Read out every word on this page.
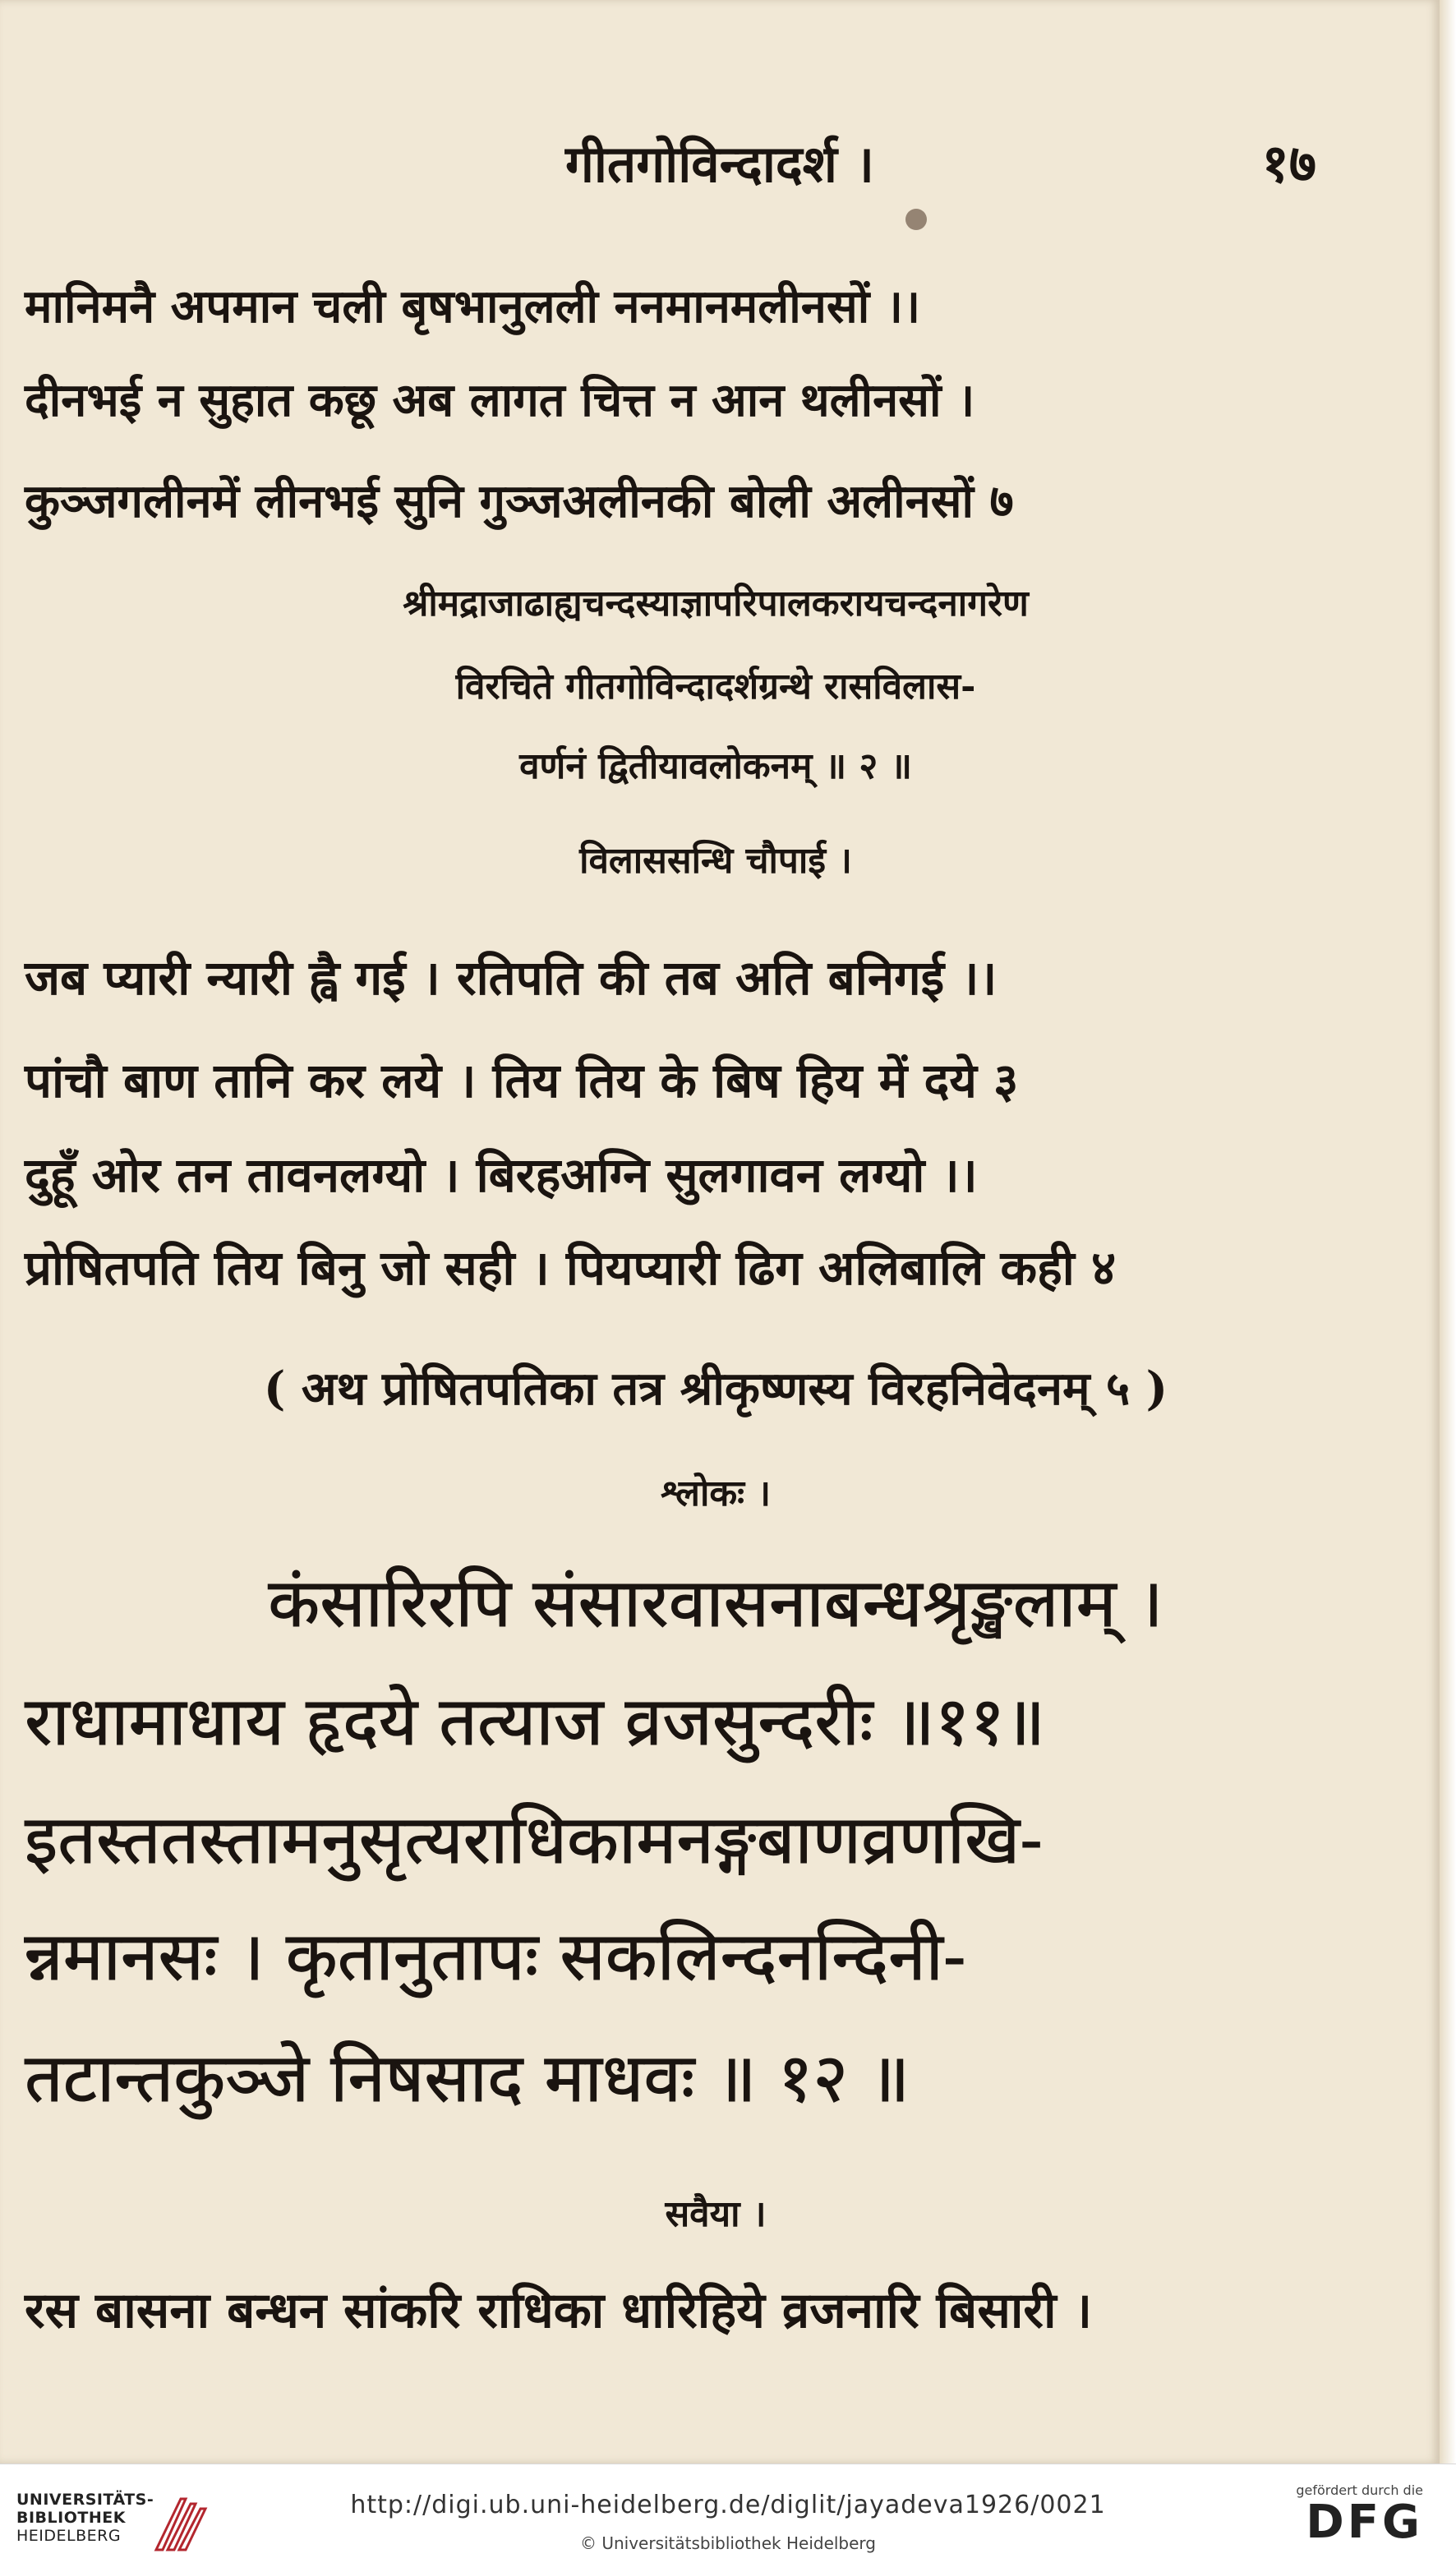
गीतगोविन्दादर्श ।	१७
मानिमनै अपमान चली बृषभानुलली ननमानमलीनसों ।।
दीनभई न सुहात कछू अब लागत चित्त न आन थलीनसों ।
कुञ्जगलीनमें लीनभई सुनि गुञ्जअलीनकी बोली अलीनसों ७
श्रीमद्राजाढाह्यचन्दस्याज्ञापरिपालकरायचन्दनागरेण
विरचिते गीतगोविन्दादर्शग्रन्थे रासविलास-
वर्णनं द्वितीयावलोकनम् ॥ २ ॥
विलाससन्धि चौपाई ।
जब प्यारी न्यारी ह्वै गई । रतिपति की तब अति बनिगई ।।
पांचौ बाण तानि कर लये । तिय तिय के बिष हिय में दये ३
दुहूँ ओर तन तावनलग्यो । बिरहअग्नि सुलगावन लग्यो ।।
प्रोषितपति तिय बिनु जो सही । पियप्यारी ढिग अलिबालि कही ४
( अथ प्रोषितपतिका तत्र श्रीकृष्णस्य विरहनिवेदनम् ५ )
श्लोकः ।
कंसारिरपि संसारवासनाबन्धश्रृङ्खलाम् ।
राधामाधाय हृदये तत्याज व्रजसुन्दरीः ॥११॥
इतस्ततस्तामनुसृत्यराधिकामनङ्गबाणव्रणखि-
न्नमानसः । कृतानुतापः सकलिन्दनन्दिनी-
तटान्तकुञ्जे निषसाद माधवः ॥ १२ ॥
सवैया ।
रस बासना बन्धन सांकरि राधिका धारिहिये व्रजनारि बिसारी ।
UNIVERSITÄTS-
BIBLIOTHEK
HEIDELBERG
http://digi.ub.uni-heidelberg.de/diglit/jayadeva1926/0021
© Universitätsbibliothek Heidelberg
gefördert durch die
DFG
